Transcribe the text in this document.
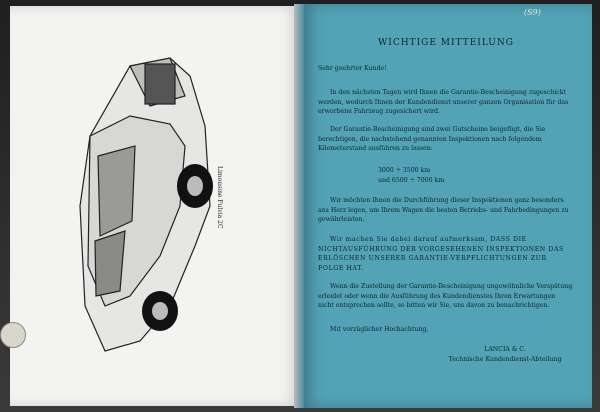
Limousine Fulvia 2C
(S9)
WICHTIGE MITTEILUNG
Sehr geehrter Kunde!

In den nächsten Tagen wird Ihnen die Garantie-Bescheinigung zugeschickt werden, wodurch Ihnen der Kundendienst unserer ganzen Organisation für das erworbene Fahrzeug zugesichert wird.

Der Garantie-Bescheinigung sind zwei Gutscheine beigefügt, die Sie berechtigen, die nachstehend genannten Inspektionen nach folgendem Kilometerstand ausführen zu lassen:

3000 ÷ 3500 km

und 6500 ÷ 7000 km

Wir möchten Ihnen die Durchführung dieser Inspektionen ganz besonders ans Herz legen, um Ihrem Wagen die besten Betriebs- und Fahrbedingungen zu gewährleisten.

Wir machen Sie dabei darauf aufmerksam, DASS DIE NICHTAUSFÜHRUNG DER VORGESEHENEN INSPEKTIONEN DAS ERLÖSCHEN UNSERER GARANTIE-VERPFLICHTUNGEN ZUR FOLGE HAT.

Wenn die Zustellung der Garantie-Bescheinigung ungewöhnliche Verspätung erleidet oder wenn die Ausführung des Kundendienstes Ihren Erwartungen nicht entsprechen sollte, so bitten wir Sie, uns davon zu benachrichtigen.

Mit vorzüglicher Hochachtung,

LANCIA & C.

Technische Kundendienst-Abteilung
